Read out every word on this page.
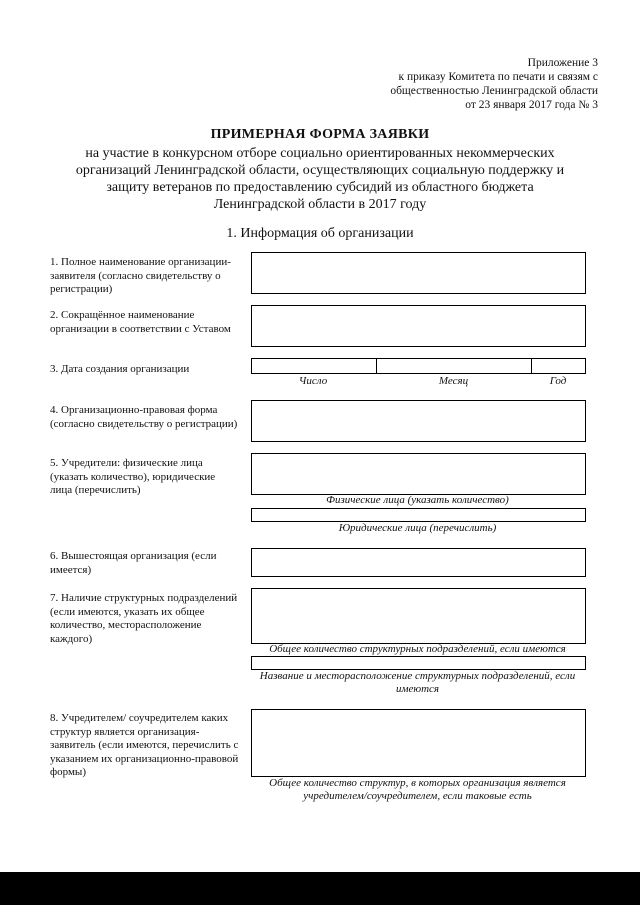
Приложение 3
к приказу Комитета по печати и связям с
общественностью Ленинградской области
от 23 января 2017 года № 3
ПРИМЕРНАЯ ФОРМА ЗАЯВКИ
на участие в конкурсном отборе социально ориентированных некоммерческих организаций Ленинградской области, осуществляющих социальную поддержку и защиту ветеранов по предоставлению субсидий из областного бюджета Ленинградской области в 2017 году
1. Информация об организации
1. Полное наименование организации-заявителя (согласно свидетельству о регистрации)
2. Сокращённое наименование организации в соответствии с Уставом
3. Дата создания организации
Число	Месяц	Год
4. Организационно-правовая форма (согласно свидетельству о регистрации)
5. Учредители: физические лица (указать количество), юридические лица (перечислить)
Физические лица (указать количество)
Юридические лица (перечислить)
6. Вышестоящая организация (если имеется)
7. Наличие структурных подразделений (если имеются, указать их общее количество, месторасположение каждого)
Общее количество структурных подразделений, если имеются
Название и месторасположение структурных подразделений, если имеются
8. Учредителем/ соучредителем каких структур является организация-заявитель (если имеются, перечислить с указанием их организационно-правовой формы)
Общее количество структур, в которых организация является учредителем/соучредителем, если таковые есть
